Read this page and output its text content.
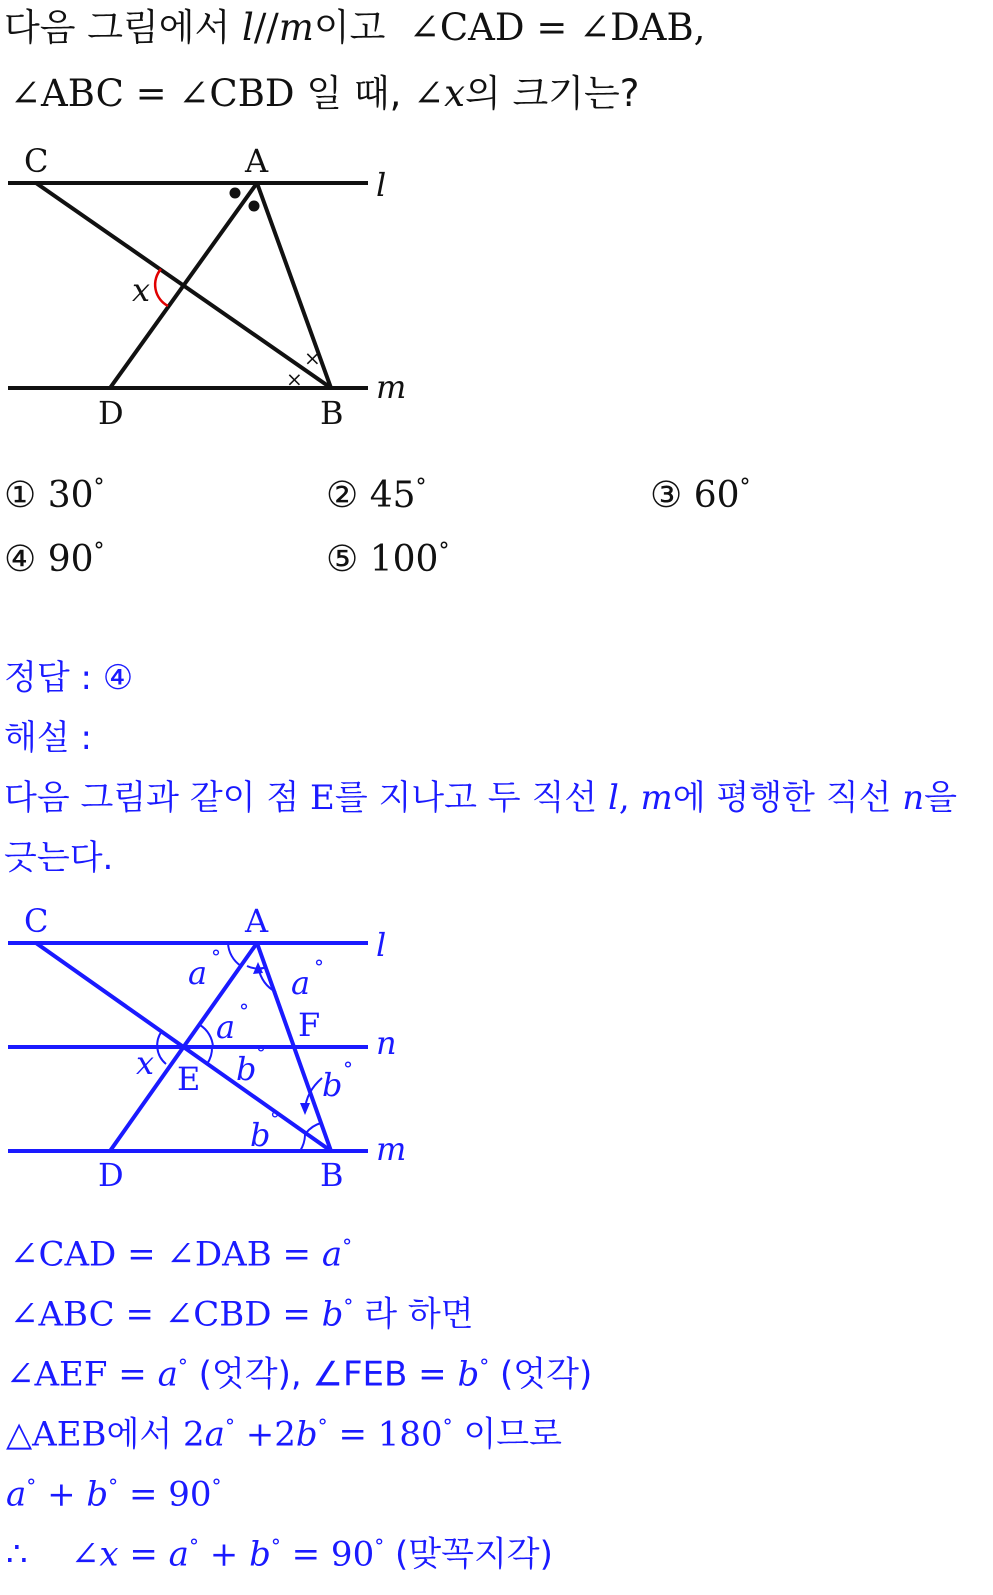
다음 그림에서 l//m이고  ∠CAD = ∠DAB,
∠ABC = ∠CBD 일 때, ∠x의 크기는?
×
×
C	A
l
x
D	B
m
① 30°	② 45°	③ 60°
④ 90°	⑤ 100°
정답 : ④
해설 :
다음 그림과 같이 점 E를 지나고 두 직선 l, m에 평행한 직선 n을
긋는다.
C	A
l
n
m
D	B
E
F
x
a	a
a
b b
b
°	°
°
°
°
°
∠CAD = ∠DAB = a°
∠ABC = ∠CBD = b° 라 하면
∠AEF = a° (엇각), ∠FEB = b° (엇각)
△AEB에서 2a° +2b° = 180° 이므로
a° + b° = 90°
∴ ∠x = a° + b° = 90° (맞꼭지각)
